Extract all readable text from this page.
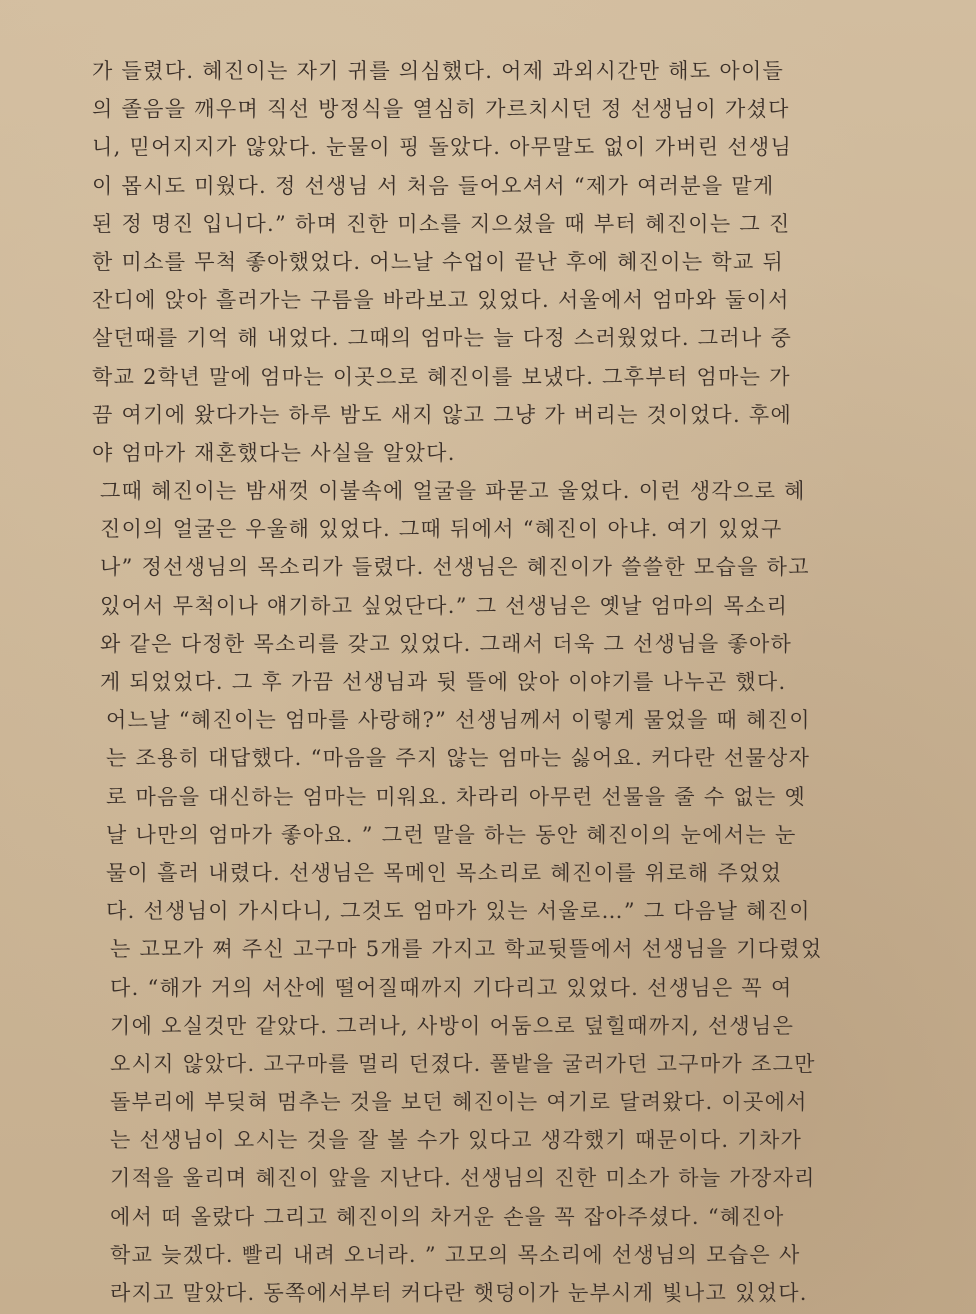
가 들렸다. 혜진이는 자기 귀를 의심했다. 어제 과외시간만 해도 아이들
의 졸음을 깨우며 직선 방정식을 열심히 가르치시던 정 선생님이 가셨다
니, 믿어지지가 않았다. 눈물이 핑 돌았다. 아무말도 없이 가버린 선생님
이 몹시도 미웠다. 정 선생님 서 처음 들어오셔서 “제가 여러분을 맡게
된 정 명진 입니다.” 하며 진한 미소를 지으셨을 때 부터 혜진이는 그 진
한 미소를 무척 좋아했었다. 어느날 수업이 끝난 후에 혜진이는 학교 뒤
잔디에 앉아 흘러가는 구름을 바라보고 있었다. 서울에서 엄마와 둘이서
살던때를 기억 해 내었다. 그때의 엄마는 늘 다정 스러웠었다. 그러나 중
학교 2학년 말에 엄마는 이곳으로 혜진이를 보냈다. 그후부터 엄마는 가
끔 여기에 왔다가는 하루 밤도 새지 않고 그냥 가 버리는 것이었다. 후에
야 엄마가 재혼했다는 사실을 알았다.
그때 혜진이는 밤새껏 이불속에 얼굴을 파묻고 울었다. 이런 생각으로 혜
진이의 얼굴은 우울해 있었다. 그때 뒤에서 “혜진이 아냐. 여기 있었구
나” 정선생님의 목소리가 들렸다. 선생님은 혜진이가 쓸쓸한 모습을 하고
있어서 무척이나 얘기하고 싶었단다.” 그 선생님은 옛날 엄마의 목소리
와 같은 다정한 목소리를 갖고 있었다. 그래서 더욱 그 선생님을 좋아하
게 되었었다. 그 후 가끔 선생님과 뒷 뜰에 앉아 이야기를 나누곤 했다.
어느날 “혜진이는 엄마를 사랑해?” 선생님께서 이렇게 물었을 때 혜진이
는 조용히 대답했다. “마음을 주지 않는 엄마는 싫어요. 커다란 선물상자
로 마음을 대신하는 엄마는 미워요. 차라리 아무런 선물을 줄 수 없는 옛
날 나만의 엄마가 좋아요. ” 그런 말을 하는 동안 혜진이의 눈에서는 눈
물이 흘러 내렸다. 선생님은 목메인 목소리로 혜진이를 위로해 주었었
다. 선생님이 가시다니, 그것도 엄마가 있는 서울로…” 그 다음날 혜진이
는 고모가 쪄 주신 고구마 5개를 가지고 학교뒷뜰에서 선생님을 기다렸었
다. “해가 거의 서산에 떨어질때까지 기다리고 있었다. 선생님은 꼭 여
기에 오실것만 같았다. 그러나, 사방이 어둠으로 덮힐때까지, 선생님은
오시지 않았다. 고구마를 멀리 던졌다. 풀밭을 굴러가던 고구마가 조그만
돌부리에 부딪혀 멈추는 것을 보던 혜진이는 여기로 달려왔다. 이곳에서
는 선생님이 오시는 것을 잘 볼 수가 있다고 생각했기 때문이다. 기차가
기적을 울리며 혜진이 앞을 지난다. 선생님의 진한 미소가 하늘 가장자리
에서 떠 올랐다 그리고 혜진이의 차거운 손을 꼭 잡아주셨다. “혜진아
학교 늦겠다. 빨리 내려 오너라. ” 고모의 목소리에 선생님의 모습은 사
라지고 말았다. 동쪽에서부터 커다란 햇덩이가 눈부시게 빛나고 있었다.
